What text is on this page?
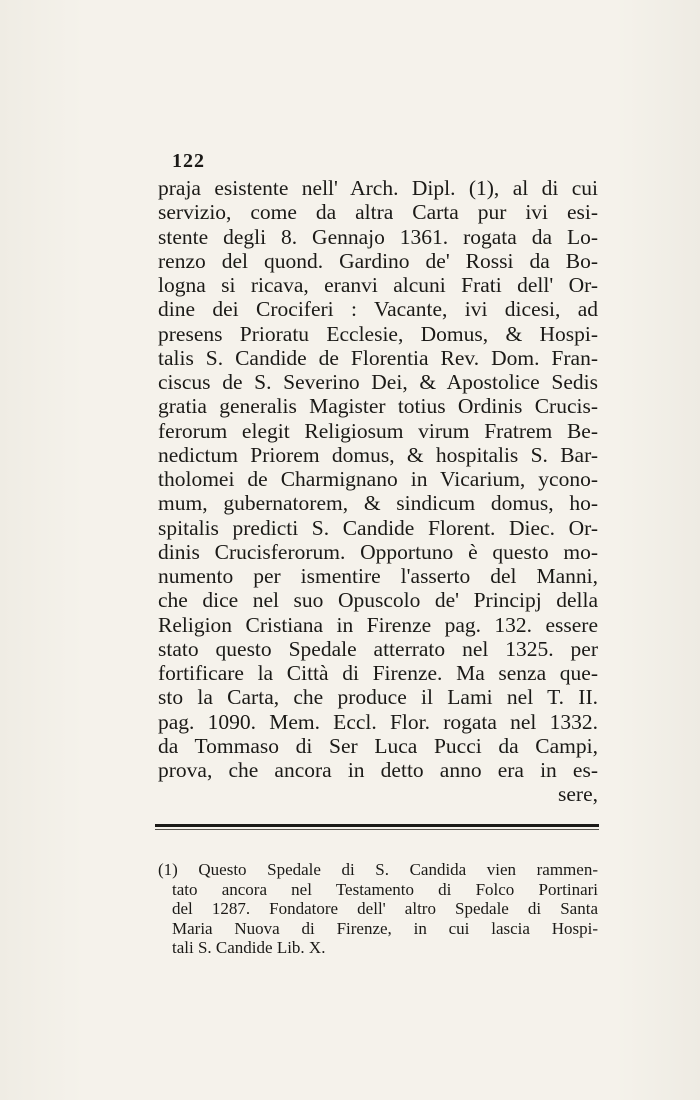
122
praja esistente nell' Arch. Dipl. (1), al di cui
servizio, come da altra Carta pur ivi esi-
stente degli 8. Gennajo 1361. rogata da Lo-
renzo del quond. Gardino de' Rossi da Bo-
logna si ricava, eranvi alcuni Frati dell' Or-
dine dei Crociferi : Vacante, ivi dicesi, ad
presens Prioratu Ecclesie, Domus, & Hospi-
talis S. Candide de Florentia Rev. Dom. Fran-
ciscus de S. Severino Dei, & Apostolice Sedis
gratia generalis Magister totius Ordinis Crucis-
ferorum elegit Religiosum virum Fratrem Be-
nedictum Priorem domus, & hospitalis S. Bar-
tholomei de Charmignano in Vicarium, yconο-
mum, gubernatorem, & sindicum domus, ho-
spitalis predicti S. Candide Florent. Diec. Or-
dinis Crucisferorum. Opportuno è questo mo-
numento per ismentire l'asserto del Manni,
che dice nel suo Opuscolo de' Principj della
Religion Cristiana in Firenze pag. 132. essere
stato questo Spedale atterrato nel 1325. per
fortificare la Città di Firenze. Ma senza que-
sto la Carta, che produce il Lami nel T. II.
pag. 1090. Mem. Eccl. Flor. rogata nel 1332.
da Tommaso di Ser Luca Pucci da Campi,
prova, che ancora in detto anno era in es-
sere,
(1) Questo Spedale di S. Candida vien rammen-
tato ancora nel Testamento di Folco Portinari
del 1287. Fondatore dell' altro Spedale di Santa
Maria Nuova di Firenze, in cui lascia Hospi-
tali S. Candide Lib. X.
